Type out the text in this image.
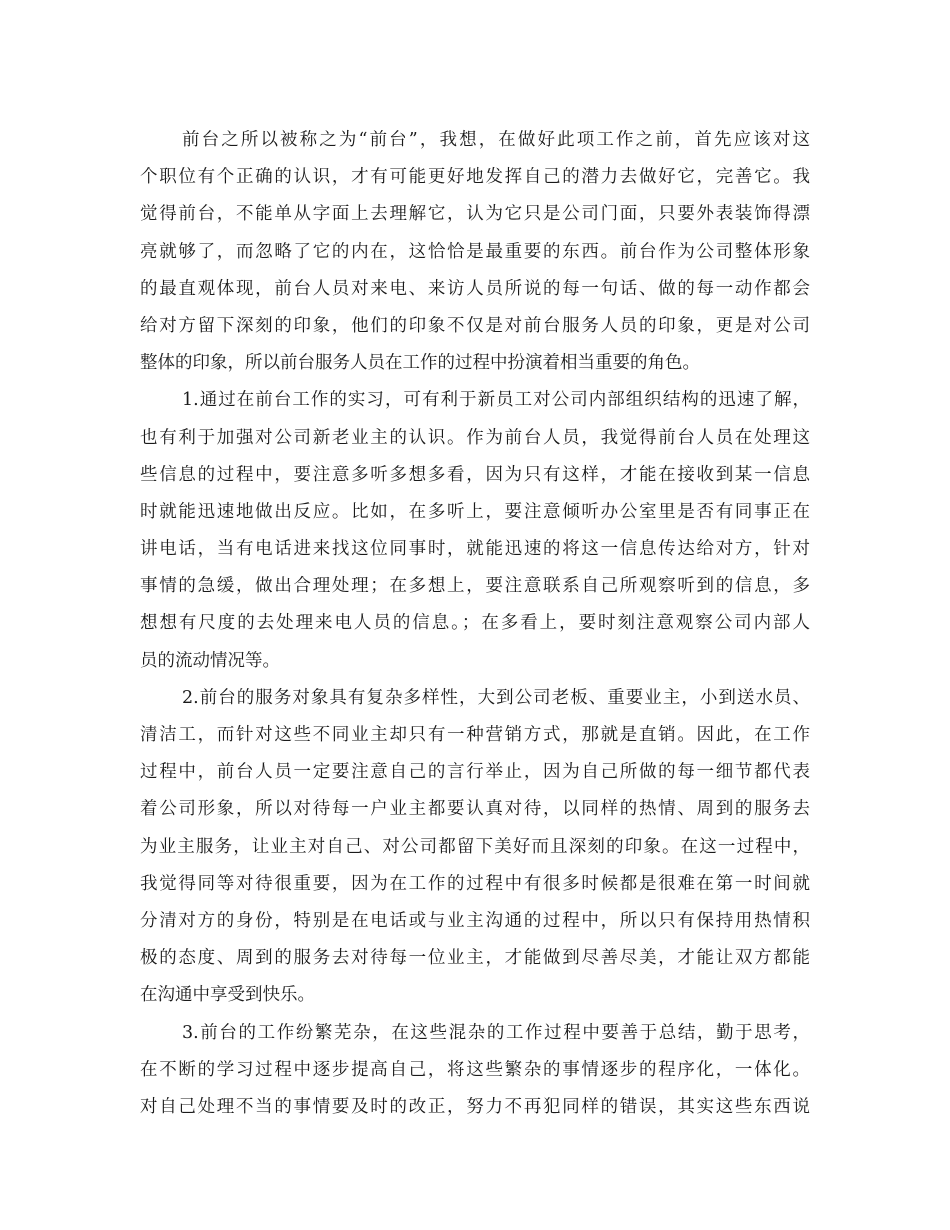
前台之所以被称之为“前台”，我想，在做好此项工作之前，首先应该对这
个职位有个正确的认识，才有可能更好地发挥自己的潜力去做好它，完善它。我
觉得前台，不能单从字面上去理解它，认为它只是公司门面，只要外表装饰得漂
亮就够了，而忽略了它的内在，这恰恰是最重要的东西。前台作为公司整体形象
的最直观体现，前台人员对来电、来访人员所说的每一句话、做的每一动作都会
给对方留下深刻的印象，他们的印象不仅是对前台服务人员的印象，更是对公司
整体的印象，所以前台服务人员在工作的过程中扮演着相当重要的角色。
1.通过在前台工作的实习，可有利于新员工对公司内部组织结构的迅速了解，
也有利于加强对公司新老业主的认识。作为前台人员，我觉得前台人员在处理这
些信息的过程中，要注意多听多想多看，因为只有这样，才能在接收到某一信息
时就能迅速地做出反应。比如，在多听上，要注意倾听办公室里是否有同事正在
讲电话，当有电话进来找这位同事时，就能迅速的将这一信息传达给对方，针对
事情的急缓，做出合理处理；在多想上，要注意联系自己所观察听到的信息，多
想想有尺度的去处理来电人员的信息。；在多看上，要时刻注意观察公司内部人
员的流动情况等。
2.前台的服务对象具有复杂多样性，大到公司老板、重要业主，小到送水员、
清洁工，而针对这些不同业主却只有一种营销方式，那就是直销。因此，在工作
过程中，前台人员一定要注意自己的言行举止，因为自己所做的每一细节都代表
着公司形象，所以对待每一户业主都要认真对待，以同样的热情、周到的服务去
为业主服务，让业主对自己、对公司都留下美好而且深刻的印象。在这一过程中，
我觉得同等对待很重要，因为在工作的过程中有很多时候都是很难在第一时间就
分清对方的身份，特别是在电话或与业主沟通的过程中，所以只有保持用热情积
极的态度、周到的服务去对待每一位业主，才能做到尽善尽美，才能让双方都能
在沟通中享受到快乐。
3.前台的工作纷繁芜杂，在这些混杂的工作过程中要善于总结，勤于思考，
在不断的学习过程中逐步提高自己，将这些繁杂的事情逐步的程序化，一体化。
对自己处理不当的事情要及时的改正，努力不再犯同样的错误，其实这些东西说
